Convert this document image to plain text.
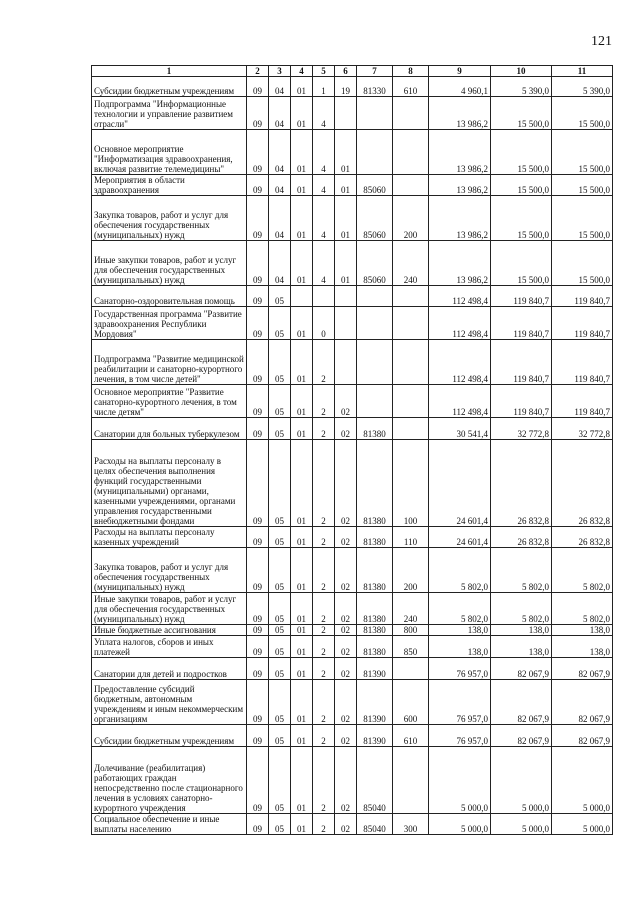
121
1	2	3	4	5	6	7	8	9	10	11
Субсидии бюджетным учреждениям	09	04	01	1	19	81330	610	4 960,1	5 390,0	5 390,0
Подпрограмма "Информационные технологии и управление развитием отрасли"	09	04	01	4				13 986,2	15 500,0	15 500,0
Основное мероприятие "Информатизация здравоохранения, включая развитие телемедицины"	09	04	01	4	01			13 986,2	15 500,0	15 500,0
Мероприятия в области здравоохранения	09	04	01	4	01	85060		13 986,2	15 500,0	15 500,0
Закупка товаров, работ и услуг для обеспечения государственных (муниципальных) нужд	09	04	01	4	01	85060	200	13 986,2	15 500,0	15 500,0
Иные закупки товаров, работ и услуг для обеспечения государственных (муниципальных) нужд	09	04	01	4	01	85060	240	13 986,2	15 500,0	15 500,0
Санаторно-оздоровительная помощь	09	05						112 498,4	119 840,7	119 840,7
Государственная программа "Развитие здравоохранения Республики Мордовия"	09	05	01	0				112 498,4	119 840,7	119 840,7
Подпрограмма "Развитие медицинской реабилитации и санаторно-курортного лечения, в том числе детей"	09	05	01	2				112 498,4	119 840,7	119 840,7
Основное мероприятие "Развитие санаторно-курортного лечения, в том числе детям"	09	05	01	2	02			112 498,4	119 840,7	119 840,7
Санатории для больных туберкулезом	09	05	01	2	02	81380		30 541,4	32 772,8	32 772,8
Расходы на выплаты персоналу в целях обеспечения выполнения функций государственными (муниципальными) органами, казенными учреждениями, органами управления государственными внебюджетными фондами	09	05	01	2	02	81380	100	24 601,4	26 832,8	26 832,8
Расходы на выплаты персоналу казенных учреждений	09	05	01	2	02	81380	110	24 601,4	26 832,8	26 832,8
Закупка товаров, работ и услуг для обеспечения государственных (муниципальных) нужд	09	05	01	2	02	81380	200	5 802,0	5 802,0	5 802,0
Иные закупки товаров, работ и услуг для обеспечения государственных (муниципальных) нужд	09	05	01	2	02	81380	240	5 802,0	5 802,0	5 802,0
Иные бюджетные ассигнования	09	05	01	2	02	81380	800	138,0	138,0	138,0
Уплата налогов, сборов и иных платежей	09	05	01	2	02	81380	850	138,0	138,0	138,0
Санатории для детей и подростков	09	05	01	2	02	81390		76 957,0	82 067,9	82 067,9
Предоставление субсидий бюджетным, автономным учреждениям и иным некоммерческим организациям	09	05	01	2	02	81390	600	76 957,0	82 067,9	82 067,9
Субсидии бюджетным учреждениям	09	05	01	2	02	81390	610	76 957,0	82 067,9	82 067,9
Долечивание (реабилитация) работающих граждан непосредственно после стационарного лечения в условиях санаторно-курортного учреждения	09	05	01	2	02	85040		5 000,0	5 000,0	5 000,0
Социальное обеспечение и иные выплаты населению	09	05	01	2	02	85040	300	5 000,0	5 000,0	5 000,0
